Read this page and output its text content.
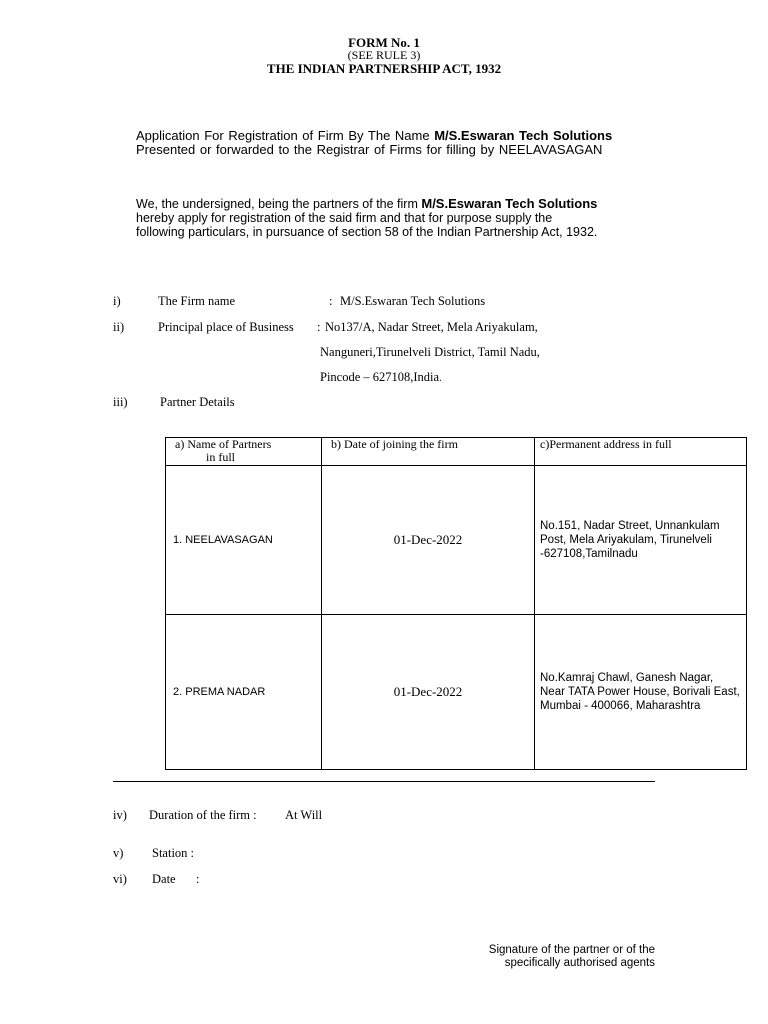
FORM No. 1
(SEE RULE 3)
THE INDIAN PARTNERSHIP ACT, 1932
Application For Registration of Firm By The Name M/S.Eswaran Tech Solutions
Presented or forwarded to the Registrar of Firms for filling by NEELAVASAGAN
We, the undersigned, being the partners of the firm M/S.Eswaran Tech Solutions
hereby apply for registration of the said firm and that for purpose supply the
following particulars, in pursuance of section 58 of the Indian Partnership Act, 1932.
i)	The Firm name	: M/S.Eswaran Tech Solutions
ii)	Principal place of Business : No137/A, Nadar Street, Mela Ariyakulam,
Nanguneri,Tirunelveli District, Tamil Nadu,
Pincode – 627108,India.
iii)	Partner Details
a) Name of Partners
in full	b) Date of joining the firm	c)Permanent address in full

1. NEELAVASAGAN	01-Dec-2022	No.151, Nadar Street, Unnankulam Post, Mela Ariyakulam, Tirunelveli -627108,Tamilnadu
2. PREMA NADAR	01-Dec-2022	No.Kamraj Chawl, Ganesh Nagar, Near TATA Power House, Borivali East, Mumbai - 400066, Maharashtra
iv) Duration of the firm : At Will
v) Station :
vi) Date :
Signature of the partner or of the
specifically authorised agents
